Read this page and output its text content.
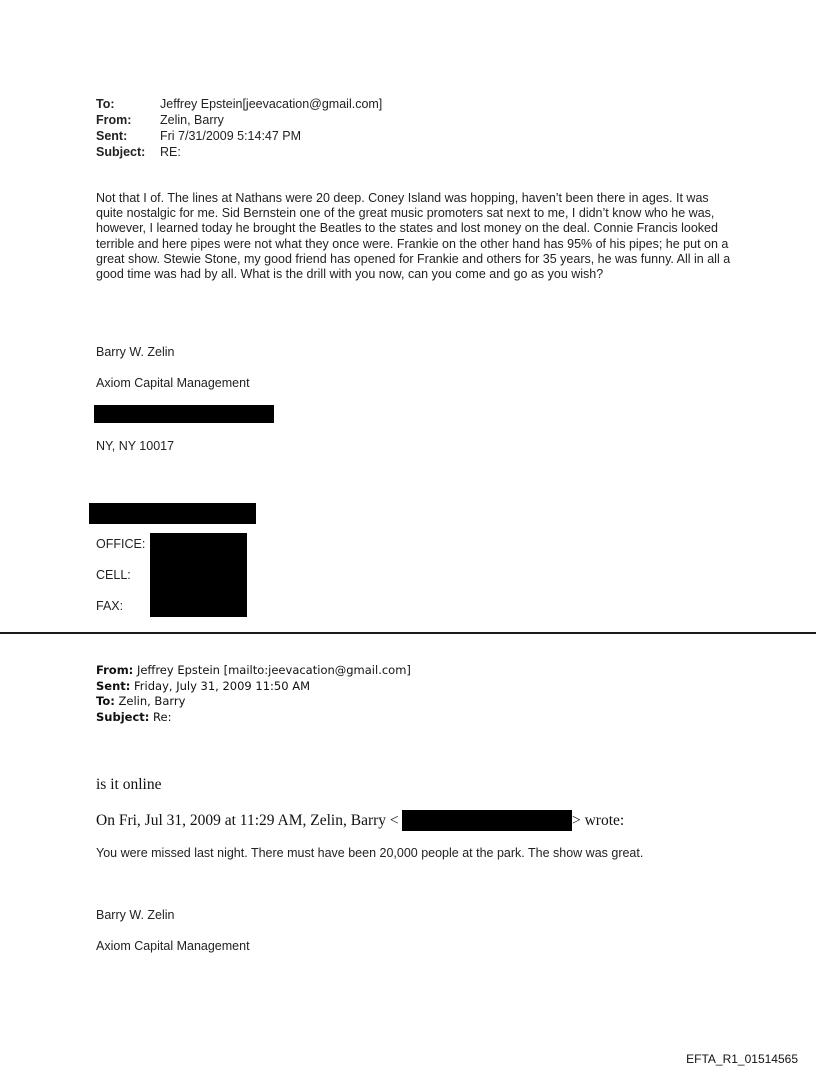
To:	Jeffrey Epstein[jeevacation@gmail.com]
From:	Zelin, Barry
Sent:	Fri 7/31/2009 5:14:47 PM
Subject:	RE:
Not that I of. The lines at Nathans were 20 deep. Coney Island was hopping, haven’t been there in ages. It was quite nostalgic for me. Sid Bernstein one of the great music promoters sat next to me, I didn’t know who he was, however, I learned today he brought the Beatles to the states and lost money on the deal. Connie Francis looked terrible and here pipes were not what they once were. Frankie on the other hand has 95% of his pipes; he put on a great show. Stewie Stone, my good friend has opened for Frankie and others for 35 years, he was funny. All in all a good time was had by all. What is the drill with you now, can you come and go as you wish?
Barry W. Zelin
Axiom Capital Management
NY, NY 10017
OFFICE:
CELL:
FAX:
From: Jeffrey Epstein [mailto:jeevacation@gmail.com]
Sent: Friday, July 31, 2009 11:50 AM
To: Zelin, Barry
Subject: Re:
is it online
On Fri, Jul 31, 2009 at 11:29 AM, Zelin, Barry <	> wrote:
You were missed last night. There must have been 20,000 people at the park. The show was great.
Barry W. Zelin
Axiom Capital Management
EFTA_R1_01514565
